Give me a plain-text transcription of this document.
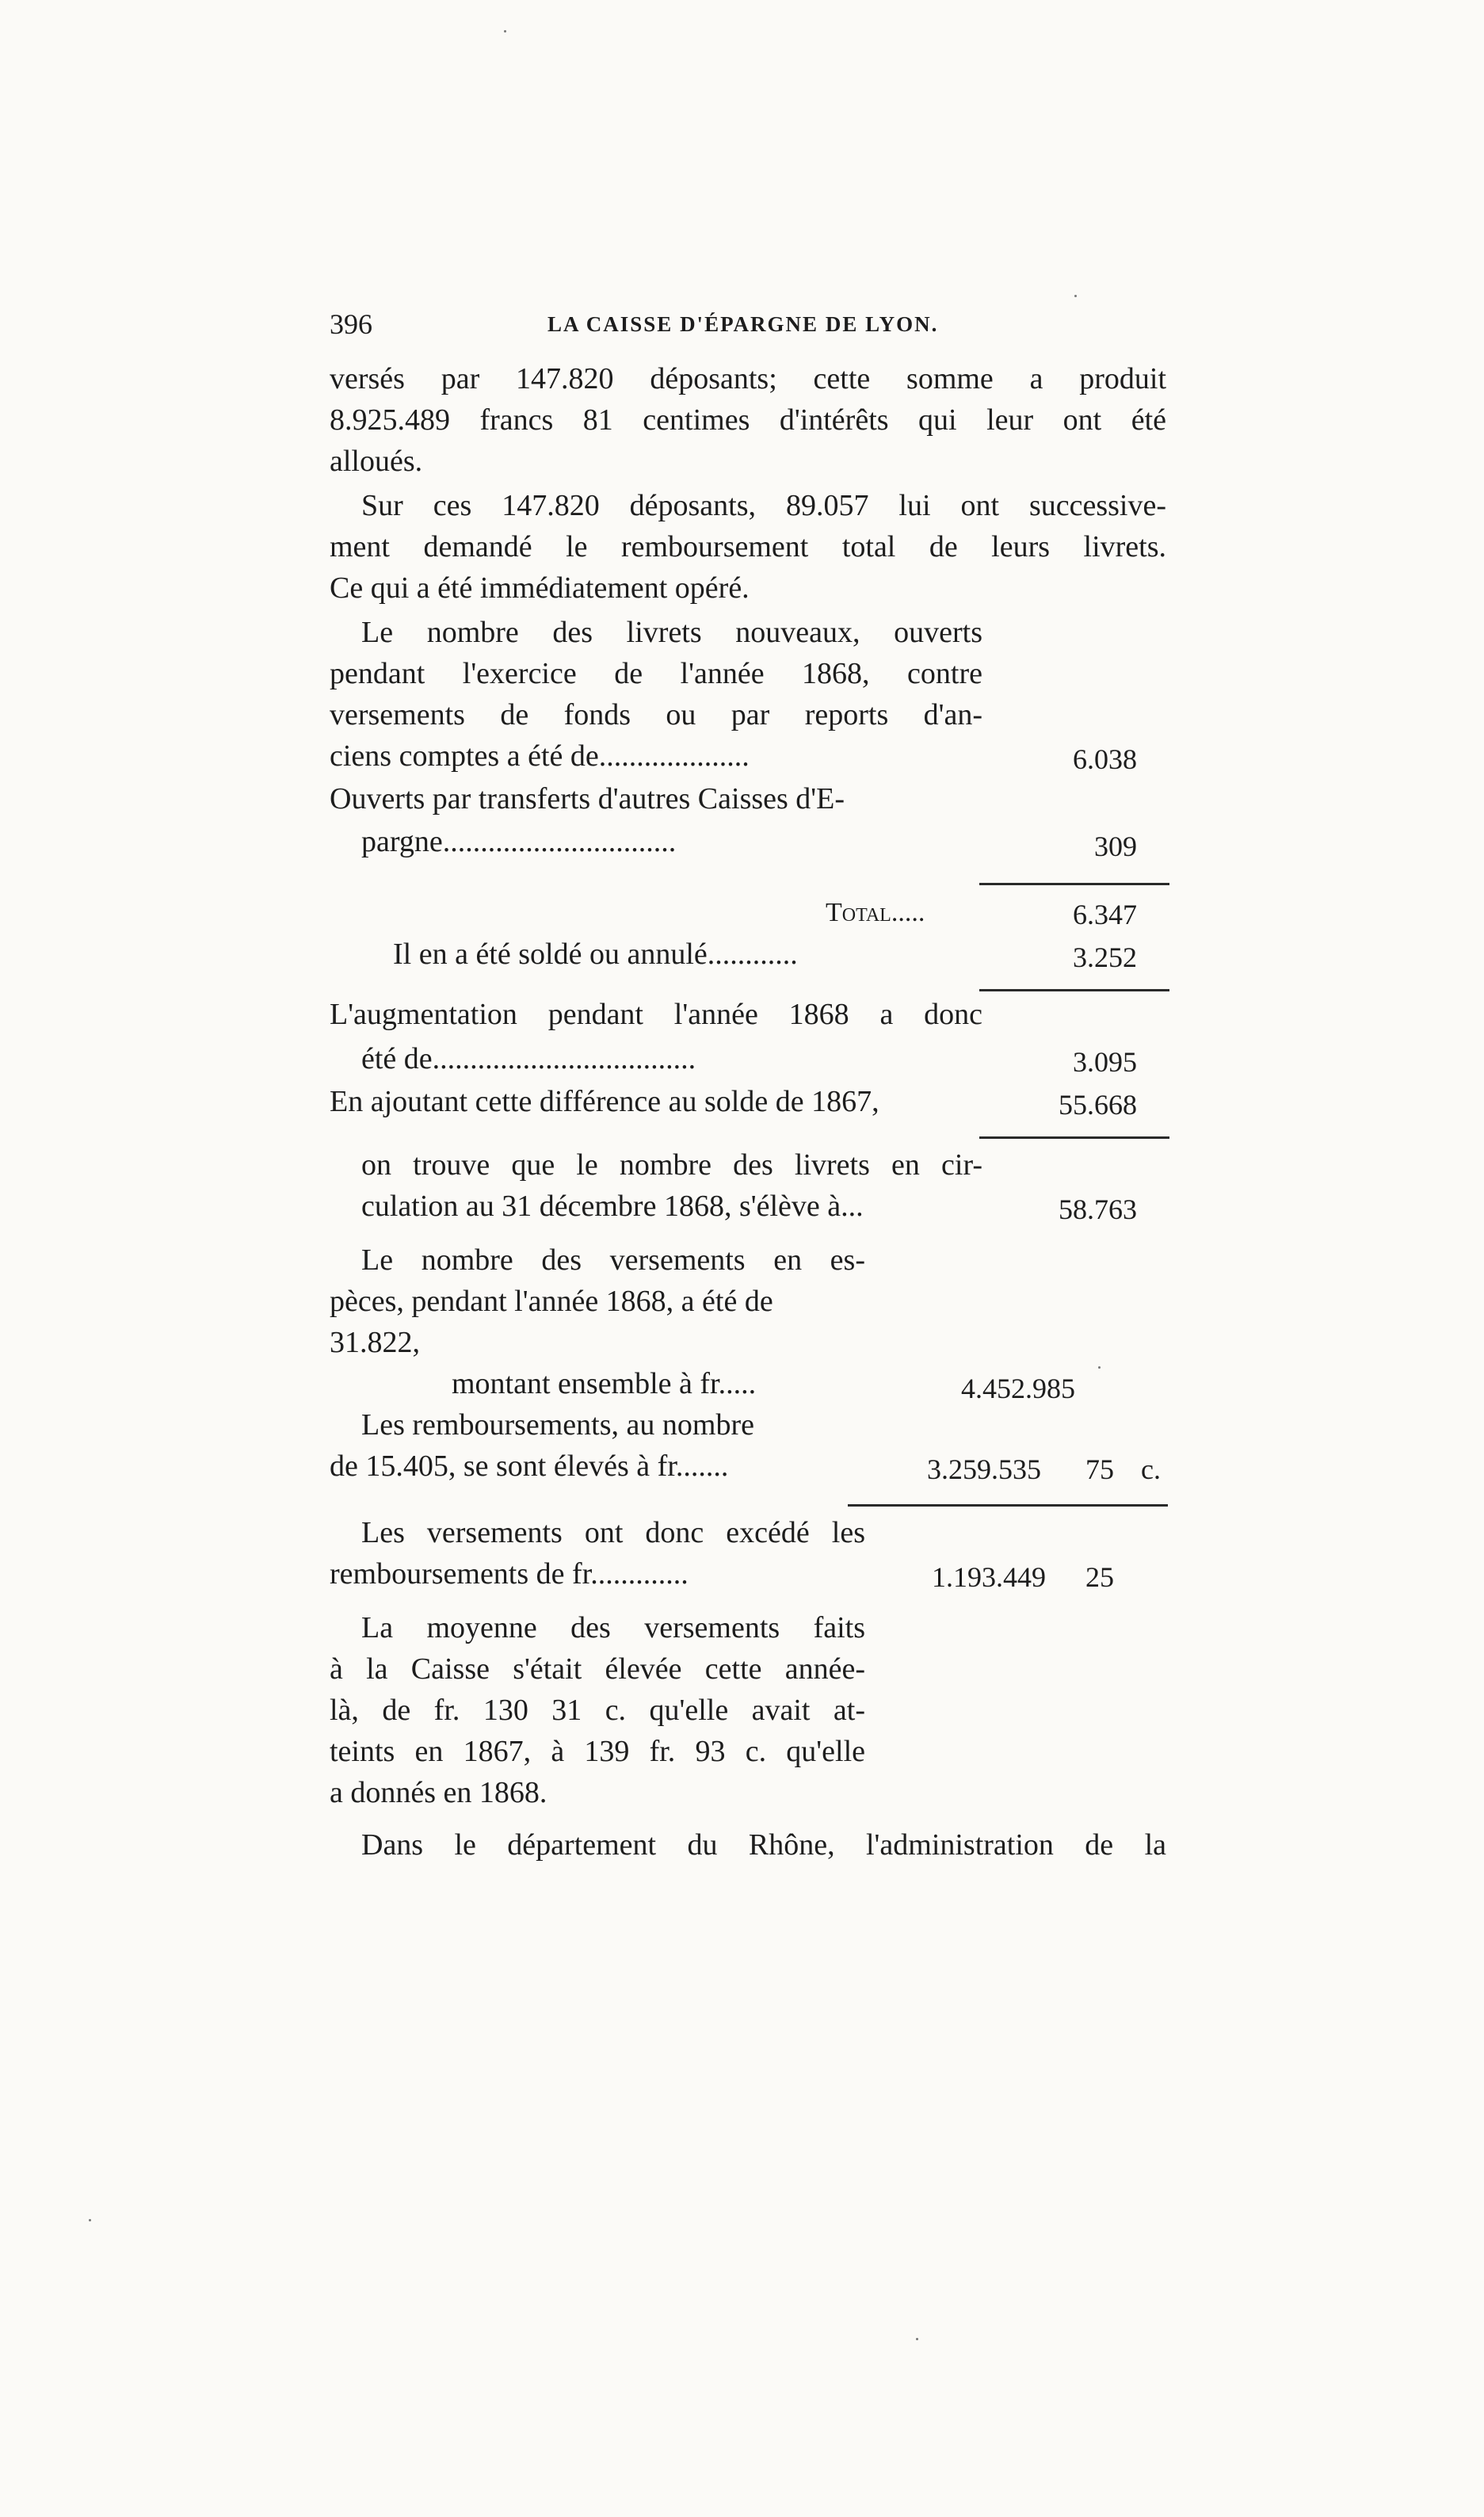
396	LA CAISSE D'ÉPARGNE DE LYON.
versés par 147.820 déposants; cette somme a produit
8.925.489 francs 81 centimes d'intérêts qui leur ont été
alloués.
Sur ces 147.820 déposants, 89.057 lui ont successive-
ment demandé le remboursement total de leurs livrets.
Ce qui a été immédiatement opéré.
Le nombre des livrets nouveaux, ouverts
pendant l'exercice de l'année 1868, contre
versements de fonds ou par reports d'an-
ciens comptes a été de....................	6.038
Ouverts par transferts d'autres Caisses d'E-
pargne...............................	309
Total.....	6.347
Il en a été soldé ou annulé............	3.252
L'augmentation pendant l'année 1868 a donc
été de...................................	3.095
En ajoutant cette différence au solde de 1867,	55.668
on trouve que le nombre des livrets en cir-
culation au 31 décembre 1868, s'élève à...	58.763
Le nombre des versements en es-
pèces, pendant l'année 1868, a été de
31.822,
montant ensemble à fr.....	4.452.985
Les remboursements, au nombre
de 15.405, se sont élevés à fr.......	3.259.535 75 c.
Les versements ont donc excédé les
remboursements de fr.............	1.193.449 25
La moyenne des versements faits
à la Caisse s'était élevée cette année-
là, de fr. 130 31 c. qu'elle avait at-
teints en 1867, à 139 fr. 93 c. qu'elle
a donnés en 1868.
Dans le département du Rhône, l'administration de la
